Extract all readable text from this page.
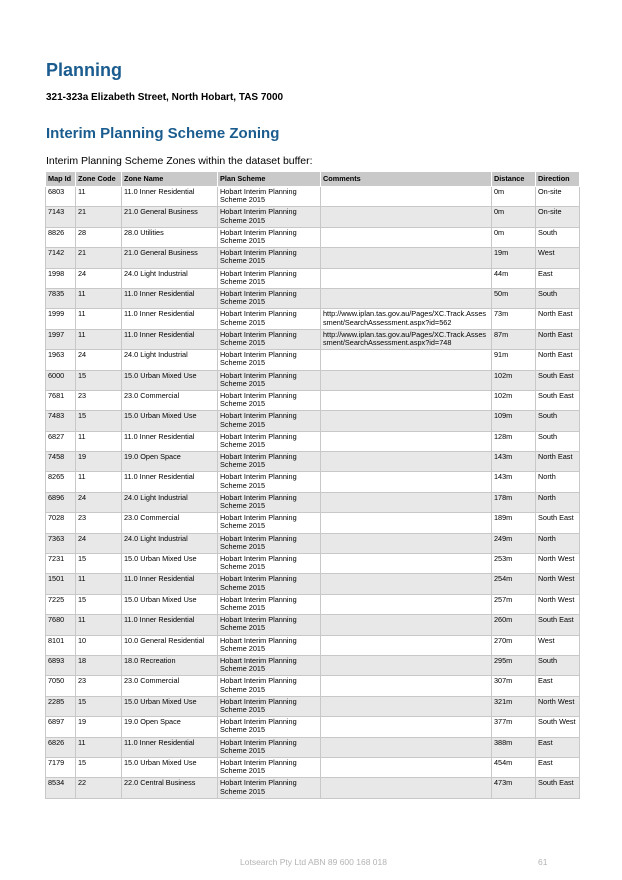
Planning
321-323a Elizabeth Street, North Hobart, TAS 7000
Interim Planning Scheme Zoning
Interim Planning Scheme Zones within the dataset buffer:
Map Id	Zone Code	Zone Name	Plan Scheme	Comments	Distance	Direction
6803	11	11.0 Inner Residential	Hobart Interim Planning Scheme 2015		0m	On-site
7143	21	21.0 General Business	Hobart Interim Planning Scheme 2015		0m	On-site
8826	28	28.0 Utilities	Hobart Interim Planning Scheme 2015		0m	South
7142	21	21.0 General Business	Hobart Interim Planning Scheme 2015		19m	West
1998	24	24.0 Light Industrial	Hobart Interim Planning Scheme 2015		44m	East
7835	11	11.0 Inner Residential	Hobart Interim Planning Scheme 2015		50m	South
1999	11	11.0 Inner Residential	Hobart Interim Planning Scheme 2015	http://www.iplan.tas.gov.au/Pages/XC.Track.Assessment/SearchAssessment.aspx?id=562	73m	North East
1997	11	11.0 Inner Residential	Hobart Interim Planning Scheme 2015	http://www.iplan.tas.gov.au/Pages/XC.Track.Assessment/SearchAssessment.aspx?id=748	87m	North East
1963	24	24.0 Light Industrial	Hobart Interim Planning Scheme 2015		91m	North East
6000	15	15.0 Urban Mixed Use	Hobart Interim Planning Scheme 2015		102m	South East
7681	23	23.0 Commercial	Hobart Interim Planning Scheme 2015		102m	South East
7483	15	15.0 Urban Mixed Use	Hobart Interim Planning Scheme 2015		109m	South
6827	11	11.0 Inner Residential	Hobart Interim Planning Scheme 2015		128m	South
7458	19	19.0 Open Space	Hobart Interim Planning Scheme 2015		143m	North East
8265	11	11.0 Inner Residential	Hobart Interim Planning Scheme 2015		143m	North
6896	24	24.0 Light Industrial	Hobart Interim Planning Scheme 2015		178m	North
7028	23	23.0 Commercial	Hobart Interim Planning Scheme 2015		189m	South East
7363	24	24.0 Light Industrial	Hobart Interim Planning Scheme 2015		249m	North
7231	15	15.0 Urban Mixed Use	Hobart Interim Planning Scheme 2015		253m	North West
1501	11	11.0 Inner Residential	Hobart Interim Planning Scheme 2015		254m	North West
7225	15	15.0 Urban Mixed Use	Hobart Interim Planning Scheme 2015		257m	North West
7680	11	11.0 Inner Residential	Hobart Interim Planning Scheme 2015		260m	South East
8101	10	10.0 General Residential	Hobart Interim Planning Scheme 2015		270m	West
6893	18	18.0 Recreation	Hobart Interim Planning Scheme 2015		295m	South
7050	23	23.0 Commercial	Hobart Interim Planning Scheme 2015		307m	East
2285	15	15.0 Urban Mixed Use	Hobart Interim Planning Scheme 2015		321m	North West
6897	19	19.0 Open Space	Hobart Interim Planning Scheme 2015		377m	South West
6826	11	11.0 Inner Residential	Hobart Interim Planning Scheme 2015		388m	East
7179	15	15.0 Urban Mixed Use	Hobart Interim Planning Scheme 2015		454m	East
8534	22	22.0 Central Business	Hobart Interim Planning Scheme 2015		473m	South East
Lotsearch Pty Ltd ABN 89 600 168 018	61
